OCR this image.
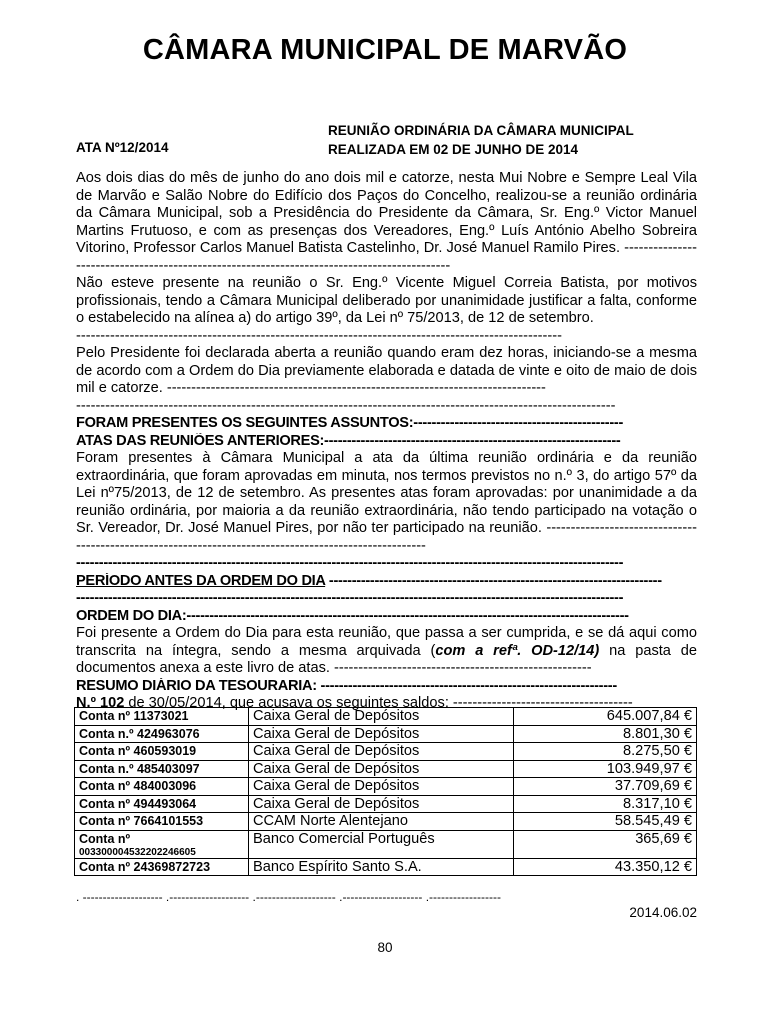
CÂMARA MUNICIPAL DE MARVÃO
ATA Nº12/2014
REUNIÃO ORDINÁRIA DA CÂMARA MUNICIPAL
REALIZADA EM 02 DE JUNHO DE 2014

Aos dois dias do mês de junho do ano dois mil e catorze, nesta Mui Nobre e Sempre Leal Vila de Marvão e Salão Nobre do Edifício dos Paços do Concelho, realizou-se a reunião ordinária da Câmara Municipal, sob a Presidência do Presidente da Câmara, Sr. Eng.º Victor Manuel Martins Frutuoso, e com as presenças dos Vereadores, Eng.º Luís António Abelho Sobreira Vitorino, Professor Carlos Manuel Batista Castelinho, Dr. José Manuel Ramilo Pires. --------------------------------------------------------------------------------------------

Não esteve presente na reunião o Sr. Eng.º Vicente Miguel Correia Batista, por motivos profissionais, tendo a Câmara Municipal deliberado por unanimidade justificar a falta, conforme o estabelecido na alínea a) do artigo 39º, da Lei nº 75/2013, de 12 de setembro.

----------------------------------------------------------------------------------------------------

Pelo Presidente foi declarada aberta a reunião quando eram dez horas, iniciando-se a mesma de acordo com a Ordem do Dia previamente elaborada e datada de vinte e oito de maio de dois mil e catorze. ------------------------------------------------------------------------------

---------------------------------------------------------------------------------------------------------------
FORAM PRESENTES OS SEGUINTES ASSUNTOS:----------------------------------------------
ATAS DAS REUNIÕES ANTERIORES:-----------------------------------------------------------------

Foram presentes à Câmara Municipal a ata da última reunião ordinária e da reunião extraordinária, que foram aprovadas em minuta, nos termos previstos no n.º 3, do artigo 57º da Lei nº75/2013, de 12 de setembro. As presentes atas foram aprovadas: por unanimidade a da reunião ordinária, por maioria a da reunião extraordinária, não tendo participado na votação o Sr. Vereador, Dr. José Manuel Pires, por não ter participado na reunião. -------------------------------------------------------------------------------------------------------

------------------------------------------------------------------------------------------------------------------------
PERÍODO ANTES DA ORDEM DO DIA -------------------------------------------------------------------------
------------------------------------------------------------------------------------------------------------------------
ORDEM DO DIA:-------------------------------------------------------------------------------------------------

Foi presente a Ordem do Dia para esta reunião, que passa a ser cumprida, e se dá aqui como transcrita na íntegra, sendo a mesma arquivada (com a refª. OD-12/14) na pasta de documentos anexa a este livro de atas. -----------------------------------------------------

RESUMO DIÁRIO DA TESOURARIA: -----------------------------------------------------------------
N.º 102 de 30/05/2014, que acusava os seguintes saldos: -------------------------------------
Conta nº 11373021	Caixa Geral de Depósitos	645.007,84 €
Conta n.º 424963076	Caixa Geral de Depósitos	8.801,30 €
Conta nº 460593019	Caixa Geral de Depósitos	8.275,50 €
Conta n.º 485403097	Caixa Geral de Depósitos	103.949,97 €
Conta nº 484003096	Caixa Geral de Depósitos	37.709,69 €
Conta nº 494493064	Caixa Geral de Depósitos	8.317,10 €
Conta nº 7664101553	CCAM Norte Alentejano	58.545,49 €

Conta nº
003300004532202246605	Banco Comercial Português	365,69 €
Conta nº 24369872723	Banco Espírito Santo S.A.	43.350,12 €
. -------------------- .-------------------- .-------------------- .-------------------- .------------------
2014.06.02
80
